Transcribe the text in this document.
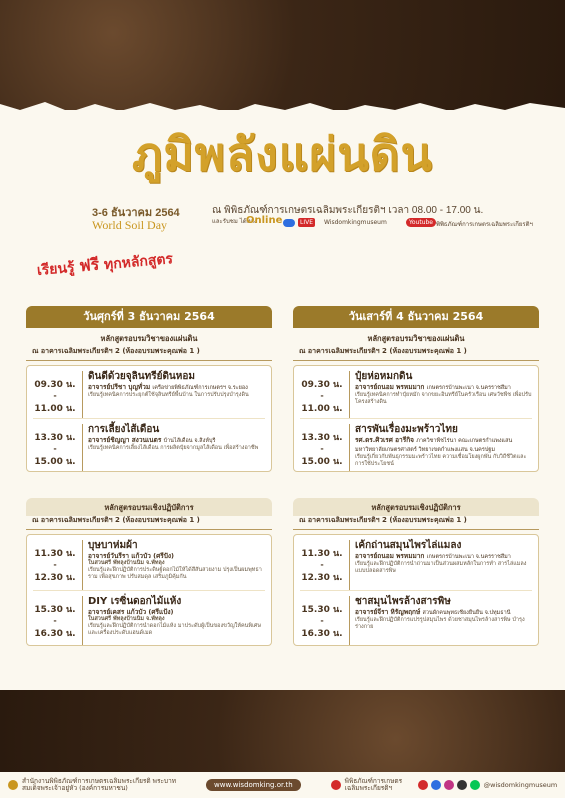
ภูมิพลังแผ่นดิน
3-6 ธันวาคม 2564
World Soil Day
ณ พิพิธภัณฑ์การเกษตรเฉลิมพระเกียรติฯ เวลา 08.00 - 17.00 น.
และรับชม ได้ทาง
Online	LIVE	Wisdomkingmuseum	Youtube พิพิธภัณฑ์การเกษตรเฉลิมพระเกียรติฯ
เรียนรู้ ฟรี ทุกหลักสูตร
วันศุกร์ที่ 3 ธันวาคม 2564
หลักสูตรอบรมวิชาของแผ่นดิน
ณ อาคารเฉลิมพระเกียรติฯ 2 (ห้องอบรมพระคุณพ่อ 1 )
09.30 น.
-
11.00 น.
ดินดีด้วยจุลินทรีย์ดินหอม
อาจารย์ปรีชา บุญทั่วม เครือข่ายพิพิธภัณฑ์การเกษตรฯ จ.ระยอง
เรียนรู้เทคนิคการประยุกต์ใช้จุลินทรีย์พื้นบ้าน ในการปรับปรุงบำรุงดิน
13.30 น.
-
15.00 น.
การเลี้ยงไส้เดือน
อาจารย์ชิญญา สงวนเนตร บ้านไส้เดือน จ.สิงห์บุรี
เรียนรู้เทคนิคการเลี้ยงไส้เดือน การผลิตปุ๋ยจากมูลไส้เดือน เพื่อสร้างอาชีพ
หลักสูตรอบรมเชิงปฏิบัติการ
ณ อาคารเฉลิมพระเกียรติฯ 2 (ห้องอบรมพระคุณพ่อ 1 )
11.30 น.
-
12.30 น.
บุษบาห่มผ้า
อาจารย์วันรีรา แก้วบัว (ศรีปัง)
ในสวนศรี พัทลุงบ้านนิม จ.พัทลุง
เรียนรู้และฝึกปฏิบัติการประดิษฐ์ดอกไม้ให้ได้สีสันสวยงาม ปรุงเป็นผมพุทธาราม เพื่อสุขภาพ ปรับสมดุล เสริมภูมิคุ้มกัน
15.30 น.
-
16.30 น.
DIY เรซิ่นดอกไม้แห้ง
อาจารย์เคสร แก้วบัว (ศรีแป้ง)
ในสวนศรี พัทลุงบ้านนิม จ.พัทลุง
เรียนรู้และฝึกปฏิบัติการนำดอกไม้แห้ง มาประดับผู้เป็นของขวัญให้คนพิเศษ และเครื่องประดับแฮนด์เมด
วันเสาร์ที่ 4 ธันวาคม 2564
หลักสูตรอบรมวิชาของแผ่นดิน
ณ อาคารเฉลิมพระเกียรติฯ 2 (ห้องอบรมพระคุณพ่อ 1 )
09.30 น.
-
11.00 น.
ปุ๋ยห่อหมกดิน
อาจารย์ถนอม พรหมมาก เกษตรกรบ้านพะเนา จ.นครราชสีมา
เรียนรู้เทคนิคการทำปุ๋ยหมัก จากขยะอินทรีย์ในครัวเรือน เศษวัชพืช เพื่อปรับโครงสร้างดิน
13.30 น.
-
15.00 น.
สารพันเรื่องมะพร้าวไทย
รศ.ดร.ศิวเรศ อารีกิจ ภาควิชาพืชไร่นา คณะเกษตรกำแพงแสน มหาวิทยาลัยเกษตรศาสตร์ วิทยาเขตกำแพงแสน จ.นครปฐม
เรียนรู้เกี่ยวกับพันธุกรรมมะพร้าวไทย ความเชื่อมโยงผูกพัน กับวิถีชีวิตและการใช้ประโยชน์
หลักสูตรอบรมเชิงปฏิบัติการ
ณ อาคารเฉลิมพระเกียรติฯ 2 (ห้องอบรมพระคุณพ่อ 1 )
11.30 น.
-
12.30 น.
เค้กถ่านสมุนไพรไล่แมลง
อาจารย์ถนอม พรหมมาก เกษตรกรบ้านพะเนา จ.นครราชสีมา
เรียนรู้และฝึกปฏิบัติการนำถ่านมาเป็นส่วนผสมหลักในการทำ สารไล่แมลงแบบปลอดสารพิษ
15.30 น.
-
16.30 น.
ชาสมุนไพรล้างสารพิษ
อาจารย์จีรา หิรัญพฤกษ์ สวนผักคนพุทธเชียงยืนยืน จ.ปทุมธานี
เรียนรู้และฝึกปฏิบัติการแปรรูปสมุนไพร ด้วยชาสมุนไพรล้างสารพิษ บำรุงร่างกาย
สำนักงานพิพิธภัณฑ์การเกษตรเฉลิมพระเกียรติ พระบาทสมเด็จพระเจ้าอยู่หัว (องค์การมหาชน)	www.wisdomking.or.th	พิพิธภัณฑ์การเกษตร เฉลิมพระเกียรติฯ	@wisdomkingmuseum
